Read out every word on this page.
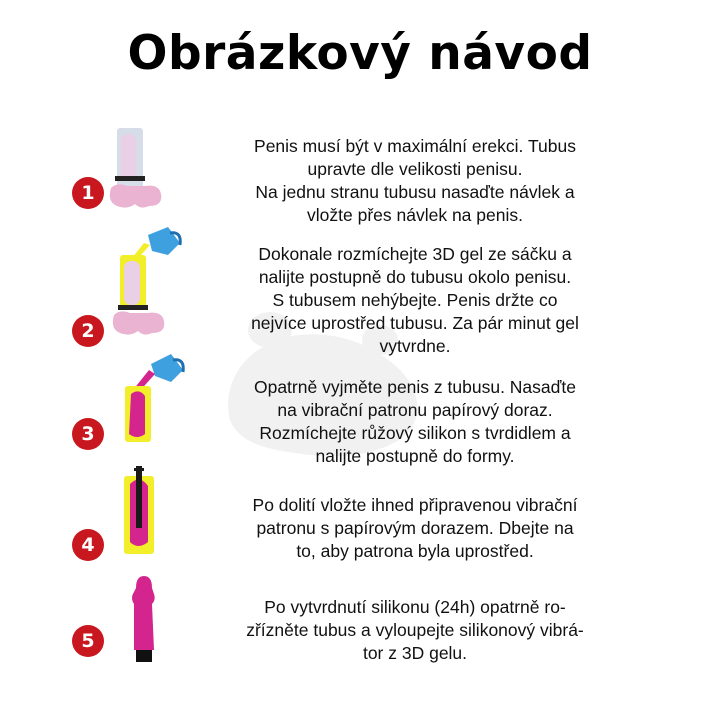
Obrázkový návod
1
Penis musí být v maximální erekci. Tubus
upravte dle velikosti penisu.
Na jednu stranu tubusu nasaďte návlek a
vložte přes návlek na penis.
2
Dokonale rozmíchejte 3D gel ze sáčku a
nalijte postupně do tubusu okolo penisu.
S tubusem nehýbejte. Penis držte co
nejvíce uprostřed tubusu. Za pár minut gel
vytvrdne.
3
Opatrně vyjměte penis z tubusu. Nasaďte
na vibrační patronu papírový doraz.
Rozmíchejte růžový silikon s tvrdidlem a
nalijte postupně do formy.
4
Po dolití vložte ihned připravenou vibrační
patronu s papírovým dorazem. Dbejte na
to, aby patrona byla uprostřed.
5
Po vytvrdnutí silikonu (24h) opatrně ro-
zřízněte tubus a vyloupejte silikonový vibrá-
tor z 3D gelu.
